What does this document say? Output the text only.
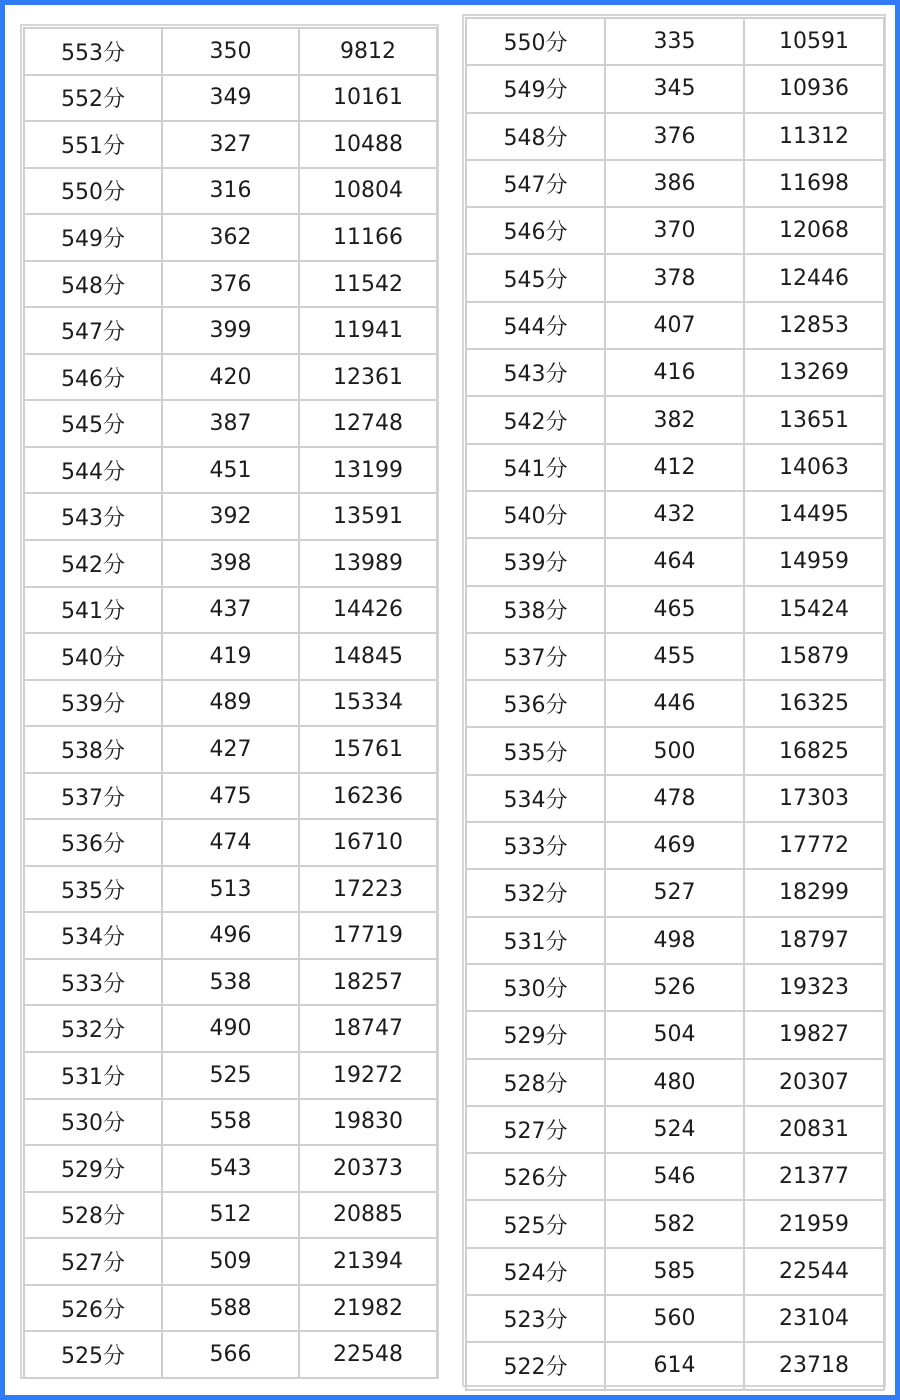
553分	350	9812
552分	349	10161
551分	327	10488
550分	316	10804
549分	362	11166
548分	376	11542
547分	399	11941
546分	420	12361
545分	387	12748
544分	451	13199
543分	392	13591
542分	398	13989
541分	437	14426
540分	419	14845
539分	489	15334
538分	427	15761
537分	475	16236
536分	474	16710
535分	513	17223
534分	496	17719
533分	538	18257
532分	490	18747
531分	525	19272
530分	558	19830
529分	543	20373
528分	512	20885
527分	509	21394
526分	588	21982
525分	566	22548
550分	335	10591
549分	345	10936
548分	376	11312
547分	386	11698
546分	370	12068
545分	378	12446
544分	407	12853
543分	416	13269
542分	382	13651
541分	412	14063
540分	432	14495
539分	464	14959
538分	465	15424
537分	455	15879
536分	446	16325
535分	500	16825
534分	478	17303
533分	469	17772
532分	527	18299
531分	498	18797
530分	526	19323
529分	504	19827
528分	480	20307
527分	524	20831
526分	546	21377
525分	582	21959
524分	585	22544
523分	560	23104
522分	614	23718
